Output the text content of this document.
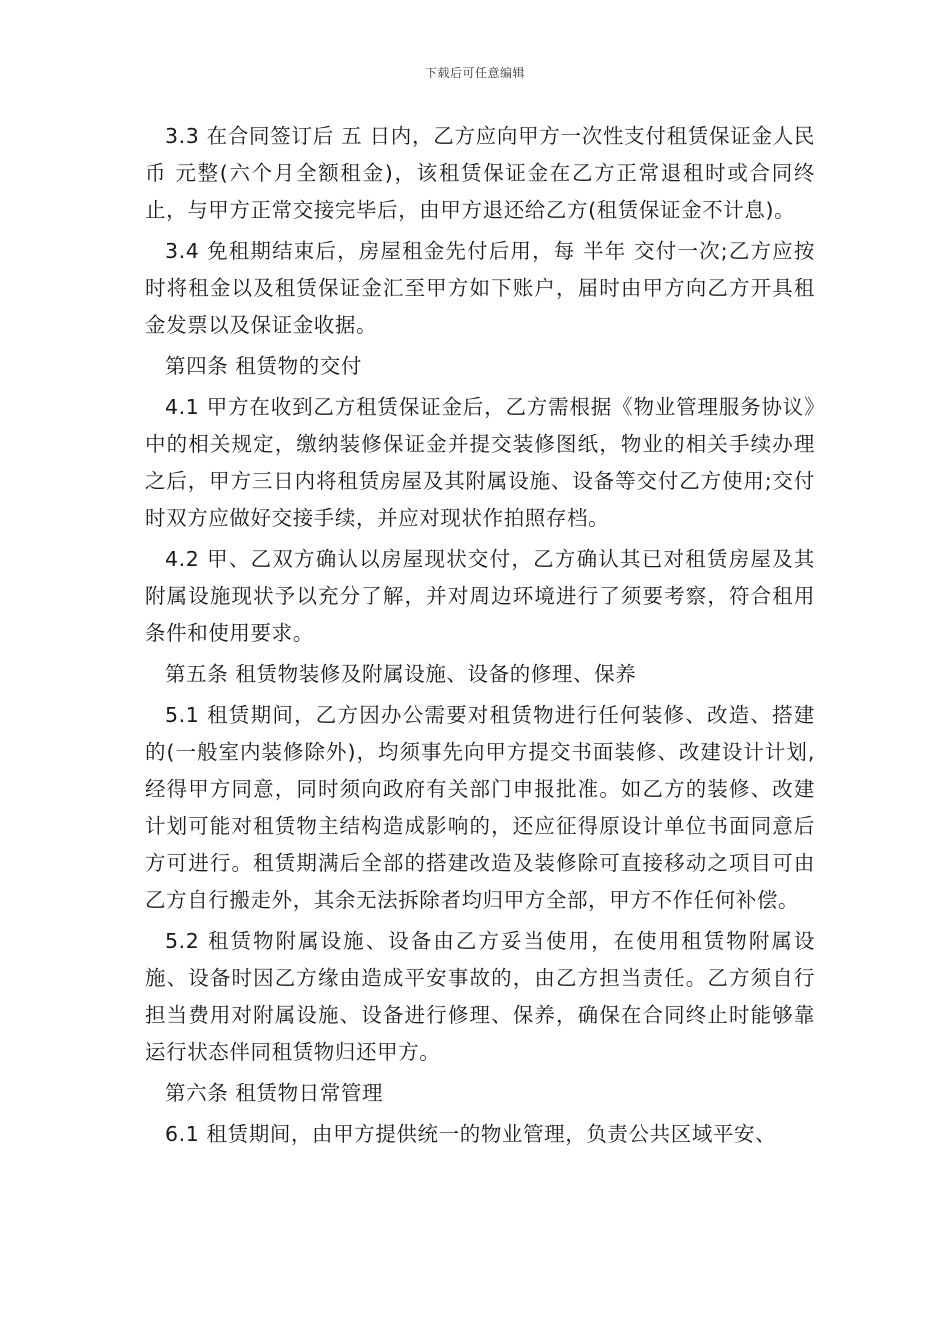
下载后可任意编辑

3.3 在合同签订后 五 日内，乙方应向甲方一次性支付租赁保证金人民币 元整(六个月全额租金)，该租赁保证金在乙方正常退租时或合同终止，与甲方正常交接完毕后，由甲方退还给乙方(租赁保证金不计息)。

3.4 免租期结束后，房屋租金先付后用，每 半年 交付一次;乙方应按时将租金以及租赁保证金汇至甲方如下账户，届时由甲方向乙方开具租金发票以及保证金收据。

第四条 租赁物的交付

4.1 甲方在收到乙方租赁保证金后，乙方需根据《物业管理服务协议》中的相关规定，缴纳装修保证金并提交装修图纸，物业的相关手续办理之后，甲方三日内将租赁房屋及其附属设施、设备等交付乙方使用;交付时双方应做好交接手续，并应对现状作拍照存档。

4.2 甲、乙双方确认以房屋现状交付，乙方确认其已对租赁房屋及其附属设施现状予以充分了解，并对周边环境进行了须要考察，符合租用条件和使用要求。

第五条 租赁物装修及附属设施、设备的修理、保养

5.1 租赁期间，乙方因办公需要对租赁物进行任何装修、改造、搭建的(一般室内装修除外)，均须事先向甲方提交书面装修、改建设计计划,经得甲方同意，同时须向政府有关部门申报批准。如乙方的装修、改建计划可能对租赁物主结构造成影响的，还应征得原设计单位书面同意后方可进行。租赁期满后全部的搭建改造及装修除可直接移动之项目可由乙方自行搬走外，其余无法拆除者均归甲方全部，甲方不作任何补偿。

5.2 租赁物附属设施、设备由乙方妥当使用，在使用租赁物附属设施、设备时因乙方缘由造成平安事故的，由乙方担当责任。乙方须自行担当费用对附属设施、设备进行修理、保养，确保在合同终止时能够靠运行状态伴同租赁物归还甲方。

第六条 租赁物日常管理

6.1 租赁期间，由甲方提供统一的物业管理，负责公共区域平安、
